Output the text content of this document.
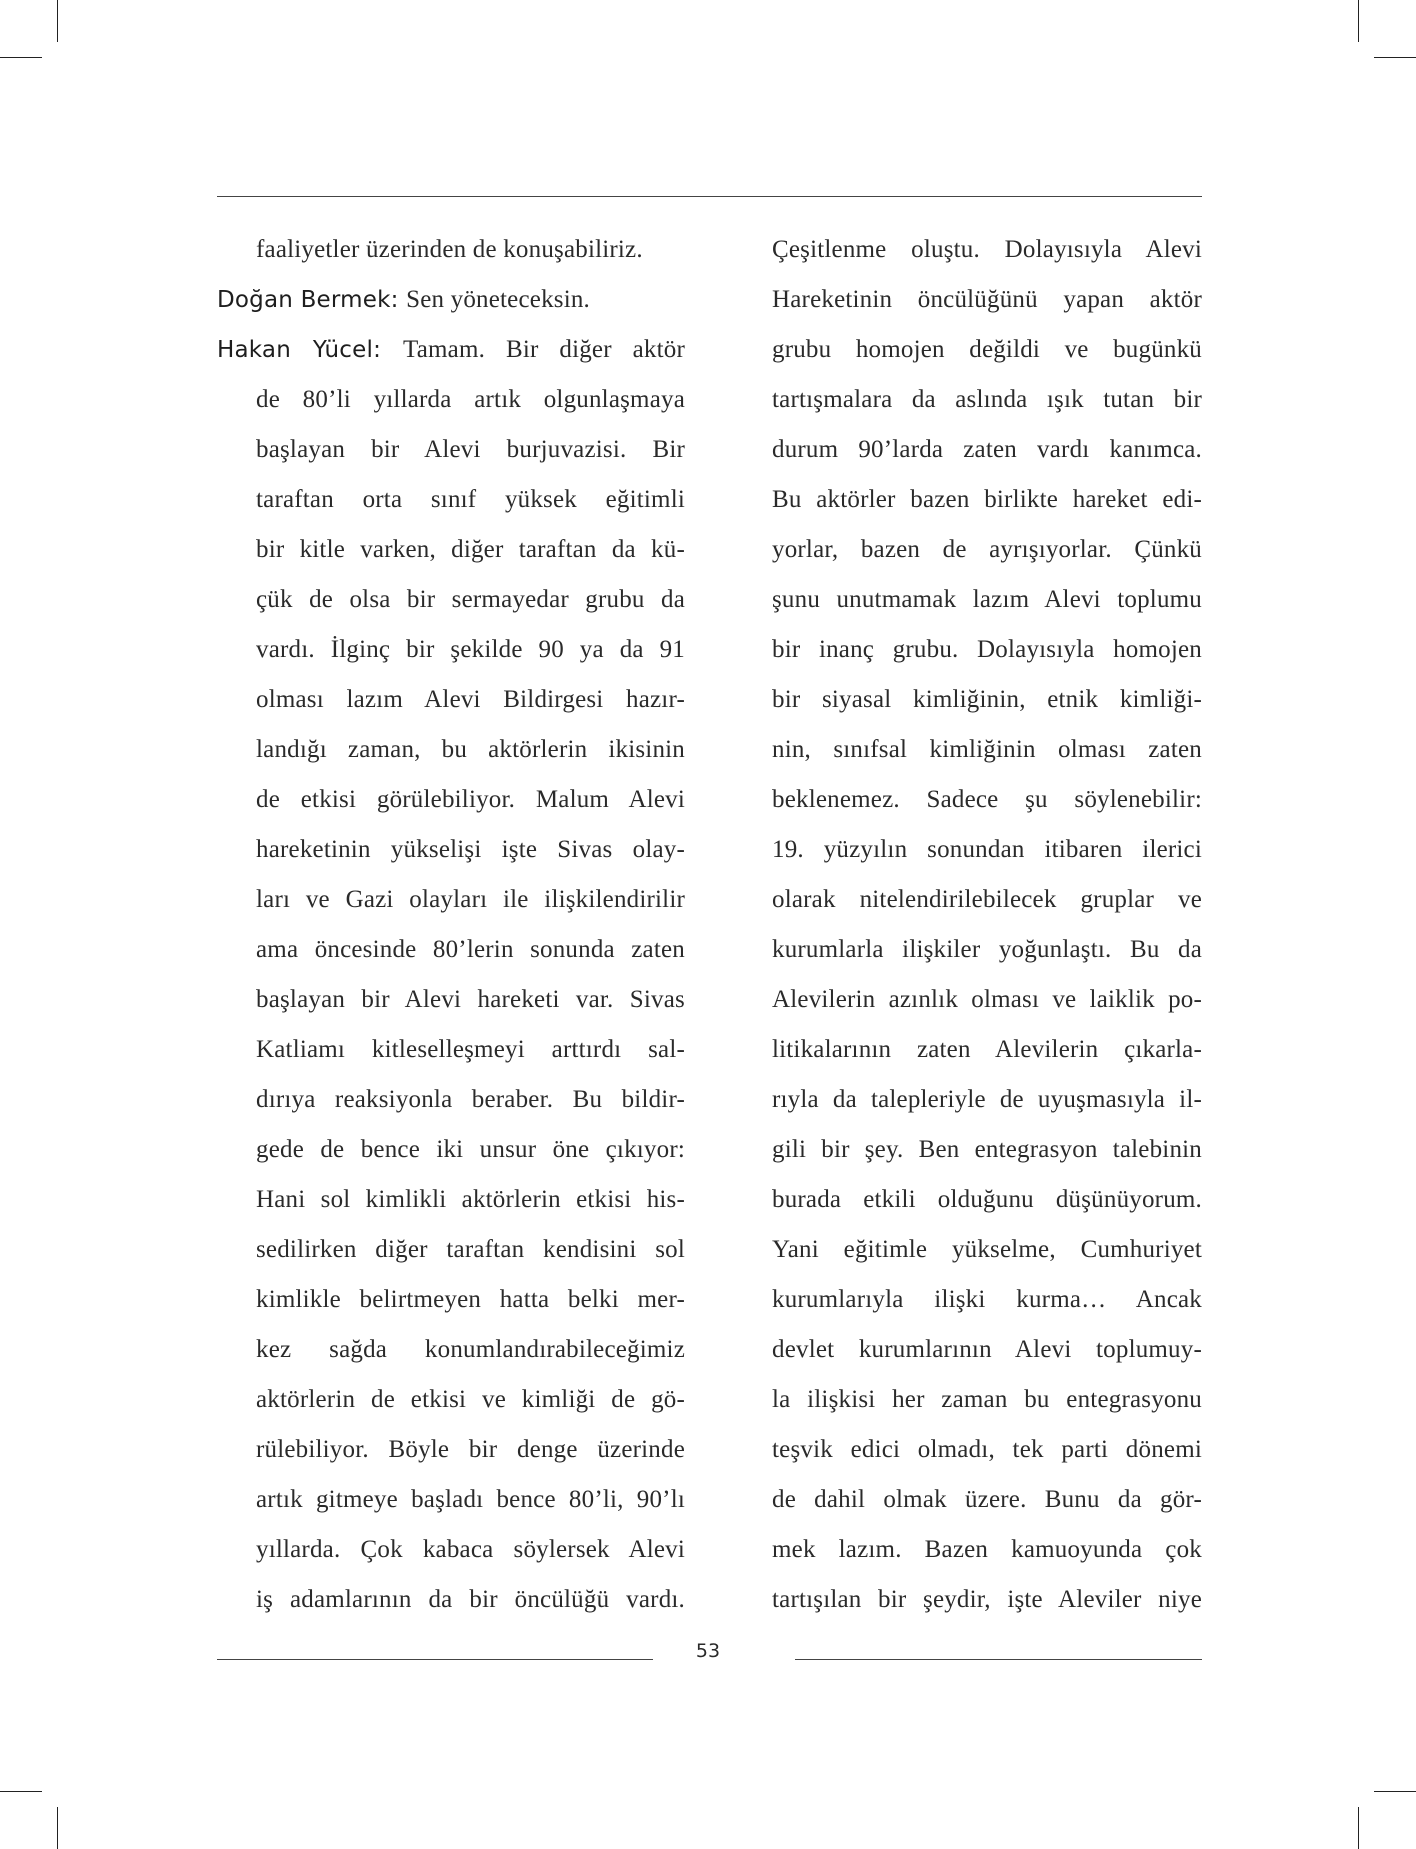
faaliyetler üzerinden de konuşabiliriz.
Doğan Bermek: Sen yöneteceksin.
Hakan Yücel: Tamam. Bir diğer aktör
de 80’li yıllarda artık olgunlaşmaya
başlayan bir Alevi burjuvazisi. Bir
taraftan orta sınıf yüksek eğitimli
bir kitle varken, diğer taraftan da kü-
çük de olsa bir sermayedar grubu da
vardı. İlginç bir şekilde 90 ya da 91
olması lazım Alevi Bildirgesi hazır-
landığı zaman, bu aktörlerin ikisinin
de etkisi görülebiliyor. Malum Alevi
hareketinin yükselişi işte Sivas olay-
ları ve Gazi olayları ile ilişkilendirilir
ama öncesinde 80’lerin sonunda zaten
başlayan bir Alevi hareketi var. Sivas
Katliamı kitleselleşmeyi arttırdı sal-
dırıya reaksiyonla beraber. Bu bildir-
gede de bence iki unsur öne çıkıyor:
Hani sol kimlikli aktörlerin etkisi his-
sedilirken diğer taraftan kendisini sol
kimlikle belirtmeyen hatta belki mer-
kez sağda konumlandırabileceğimiz
aktörlerin de etkisi ve kimliği de gö-
rülebiliyor. Böyle bir denge üzerinde
artık gitmeye başladı bence 80’li, 90’lı
yıllarda. Çok kabaca söylersek Alevi
iş adamlarının da bir öncülüğü vardı.
Çeşitlenme oluştu. Dolayısıyla Alevi
Hareketinin öncülüğünü yapan aktör
grubu homojen değildi ve bugünkü
tartışmalara da aslında ışık tutan bir
durum 90’larda zaten vardı kanımca.
Bu aktörler bazen birlikte hareket edi-
yorlar, bazen de ayrışıyorlar. Çünkü
şunu unutmamak lazım Alevi toplumu
bir inanç grubu. Dolayısıyla homojen
bir siyasal kimliğinin, etnik kimliği-
nin, sınıfsal kimliğinin olması zaten
beklenemez. Sadece şu söylenebilir:
19. yüzyılın sonundan itibaren ilerici
olarak nitelendirilebilecek gruplar ve
kurumlarla ilişkiler yoğunlaştı. Bu da
Alevilerin azınlık olması ve laiklik po-
litikalarının zaten Alevilerin çıkarla-
rıyla da talepleriyle de uyuşmasıyla il-
gili bir şey. Ben entegrasyon talebinin
burada etkili olduğunu düşünüyorum.
Yani eğitimle yükselme, Cumhuriyet
kurumlarıyla ilişki kurma… Ancak
devlet kurumlarının Alevi toplumuy-
la ilişkisi her zaman bu entegrasyonu
teşvik edici olmadı, tek parti dönemi
de dahil olmak üzere. Bunu da gör-
mek lazım. Bazen kamuoyunda çok
tartışılan bir şeydir, işte Aleviler niye
53
